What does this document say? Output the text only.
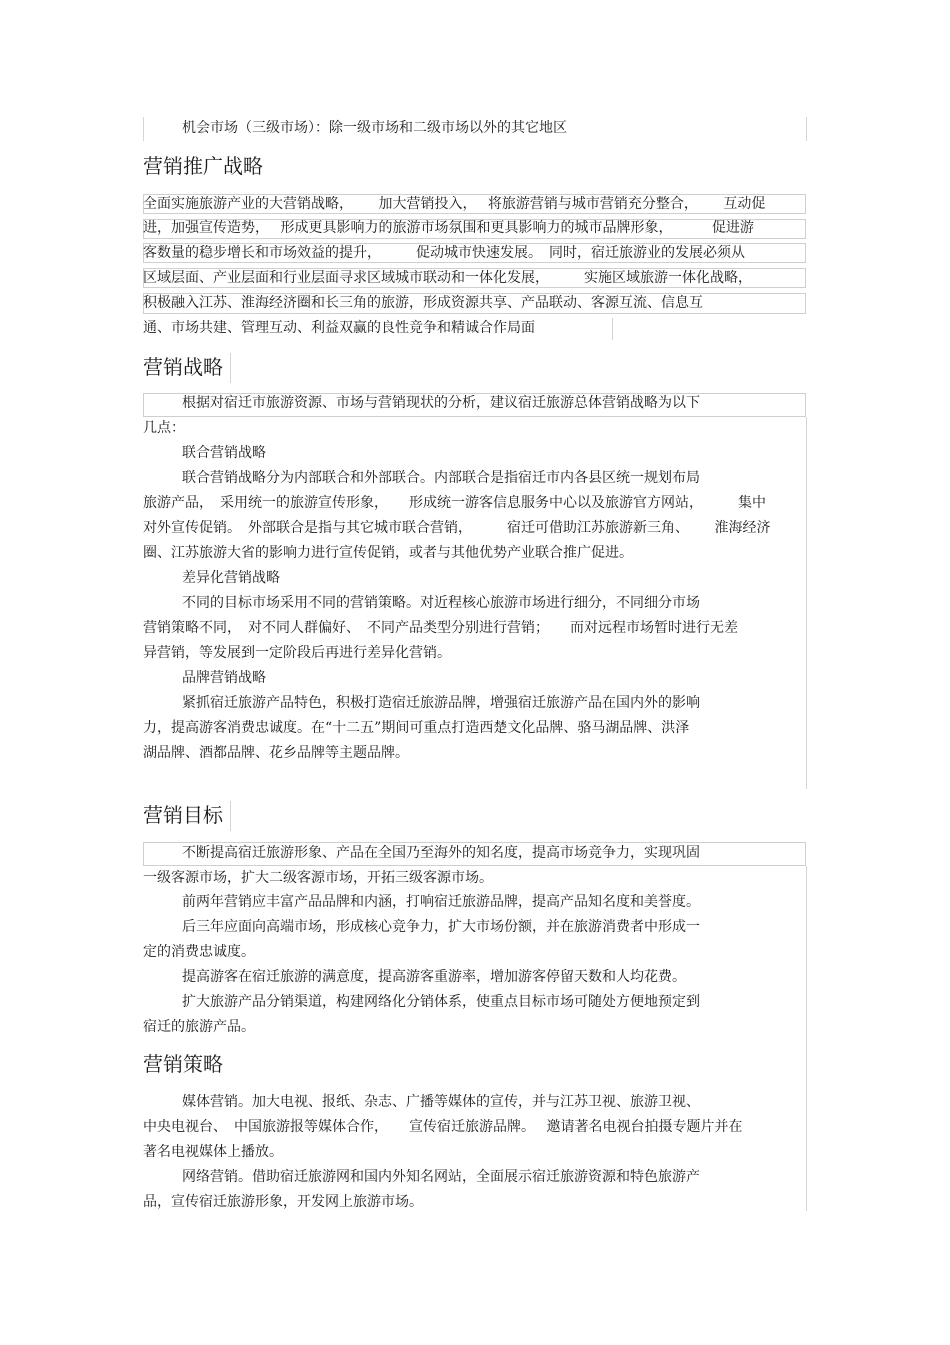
机会市场（三级市场）：除一级市场和二级市场以外的其它地区
营销推广战略
全面实施旅游产业的大营销战略，　　 加大营销投入，　 将旅游营销与城市营销充分整合，　　 互动促
进，加强宣传造势，　 形成更具影响力的旅游市场氛围和更具影响力的城市品牌形象，　　　 促进游
客数量的稳步增长和市场效益的提升，　　　促动城市快速发展。　同时，宿迁旅游业的发展必须从
区域层面、产业层面和行业层面寻求区域城市联动和一体化发展，　　　实施区域旅游一体化战略，
积极融入江苏、淮海经济圈和长三角的旅游，形成资源共享、产品联动、客源互流、信息互
通、市场共建、管理互动、利益双赢的良性竞争和精诚合作局面
营销战略
根据对宿迁市旅游资源、市场与营销现状的分析，建议宿迁旅游总体营销战略为以下
几点：
联合营销战略
联合营销战略分为内部联合和外部联合。内部联合是指宿迁市内各县区统一规划布局
旅游产品，　采用统一的旅游宣传形象，　　形成统一游客信息服务中心以及旅游官方网站，　　　集中
对外宣传促销。　外部联合是指与其它城市联合营销，　　　宿迁可借助江苏旅游新三角、　　 淮海经济
圈、江苏旅游大省的影响力进行宣传促销，或者与其他优势产业联合推广促进。
差异化营销战略
不同的目标市场采用不同的营销策略。对近程核心旅游市场进行细分，不同细分市场
营销策略不同，　对不同人群偏好、　不同产品类型分别进行营销；　　而对远程市场暂时进行无差
异营销，等发展到一定阶段后再进行差异化营销。
品牌营销战略
紧抓宿迁旅游产品特色，积极打造宿迁旅游品牌，增强宿迁旅游产品在国内外的影响
力，提高游客消费忠诚度。在“十二五”期间可重点打造西楚文化品牌、骆马湖品牌、洪泽
湖品牌、酒都品牌、花乡品牌等主题品牌。
营销目标
不断提高宿迁旅游形象、产品在全国乃至海外的知名度，提高市场竞争力，实现巩固
一级客源市场，扩大二级客源市场，开拓三级客源市场。
前两年营销应丰富产品品牌和内涵，打响宿迁旅游品牌，提高产品知名度和美誉度。
后三年应面向高端市场，形成核心竞争力，扩大市场份额，并在旅游消费者中形成一
定的消费忠诚度。
提高游客在宿迁旅游的满意度，提高游客重游率，增加游客停留天数和人均花费。
扩大旅游产品分销渠道，构建网络化分销体系，使重点目标市场可随处方便地预定到
宿迁的旅游产品。
营销策略
媒体营销。加大电视、报纸、杂志、广播等媒体的宣传，并与江苏卫视、旅游卫视、
中央电视台、　中国旅游报等媒体合作，　　宣传宿迁旅游品牌。　 邀请著名电视台拍摄专题片并在
著名电视媒体上播放。
网络营销。借助宿迁旅游网和国内外知名网站，全面展示宿迁旅游资源和特色旅游产
品，宣传宿迁旅游形象，开发网上旅游市场。
